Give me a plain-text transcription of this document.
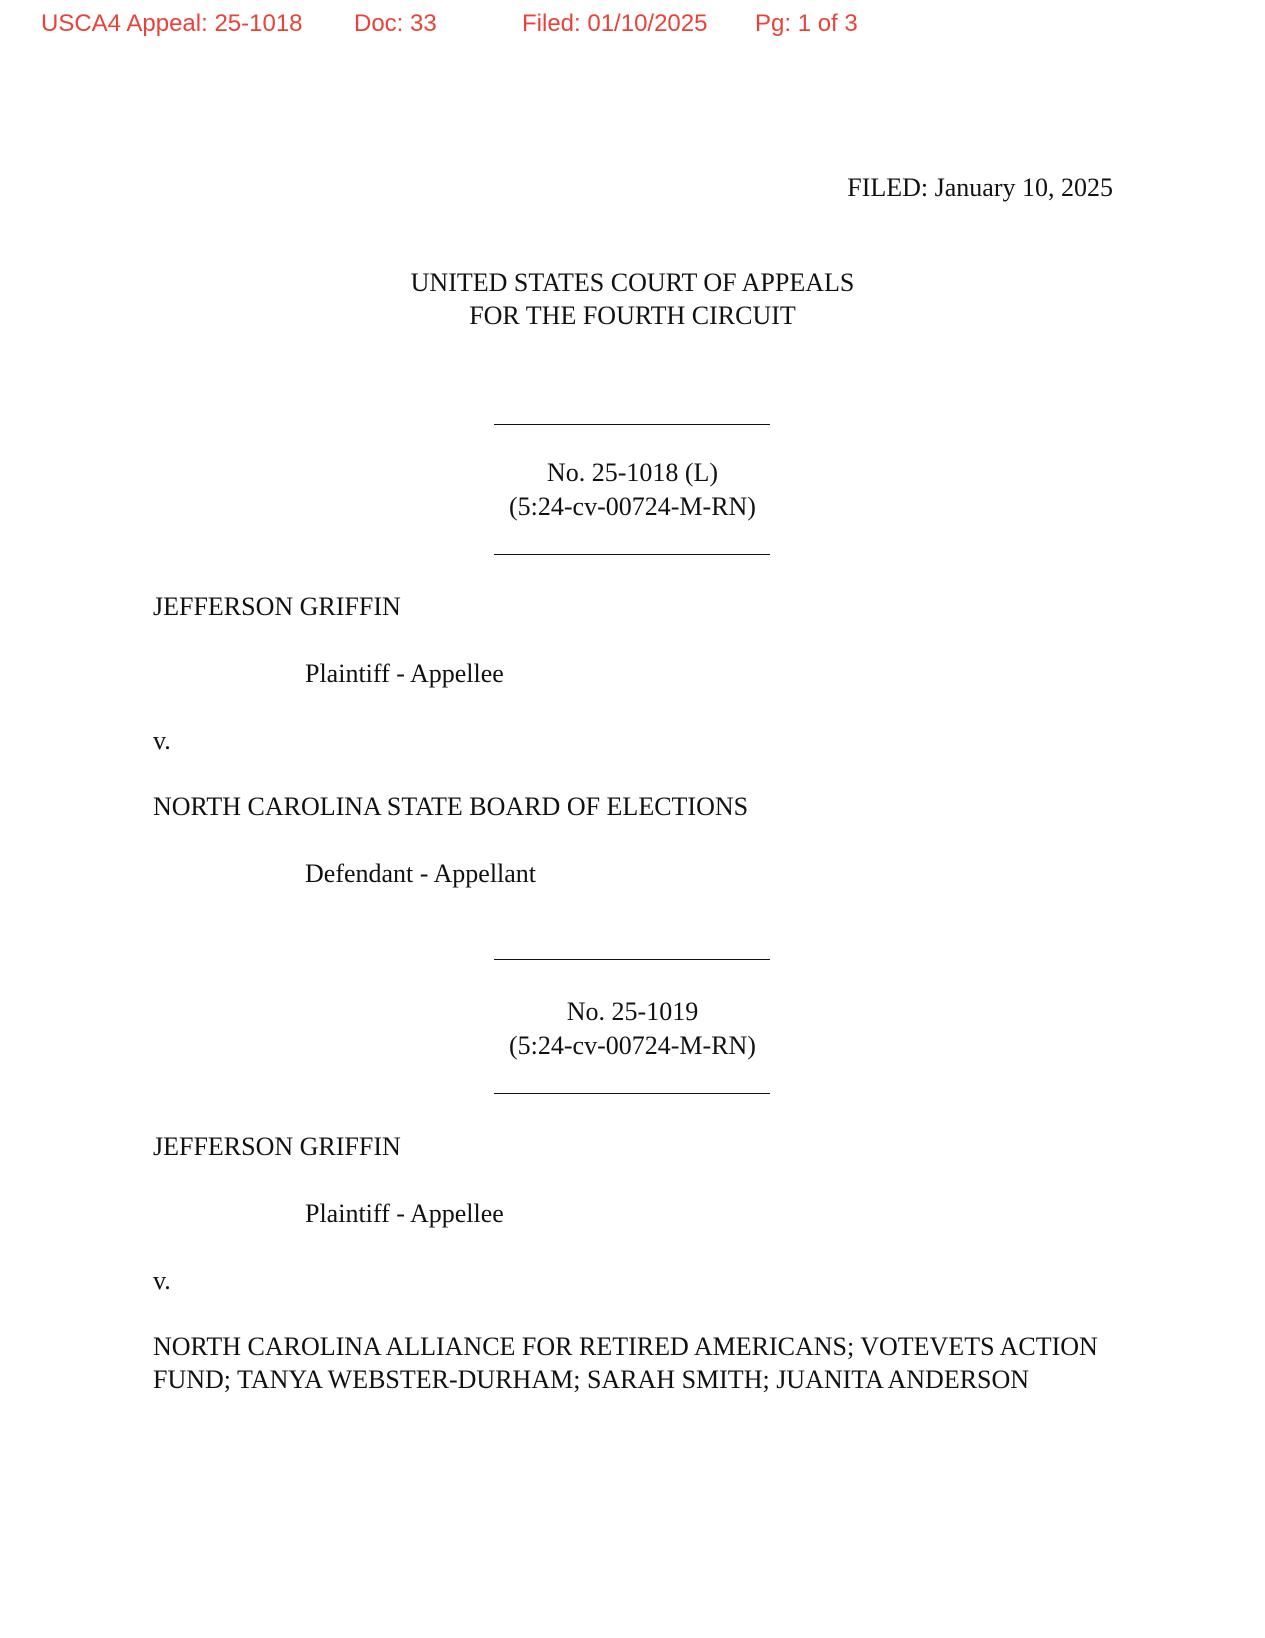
USCA4 Appeal: 25-1018 Doc: 33	Filed: 01/10/2025 Pg: 1 of 3
FILED: January 10, 2025
UNITED STATES COURT OF APPEALS
FOR THE FOURTH CIRCUIT
No. 25-1018 (L)
(5:24-cv-00724-M-RN)
JEFFERSON GRIFFIN
Plaintiff - Appellee
v.
NORTH CAROLINA STATE BOARD OF ELECTIONS
Defendant - Appellant
No. 25-1019
(5:24-cv-00724-M-RN)
JEFFERSON GRIFFIN
Plaintiff - Appellee
v.
NORTH CAROLINA ALLIANCE FOR RETIRED AMERICANS; VOTEVETS ACTION FUND; TANYA WEBSTER-DURHAM; SARAH SMITH; JUANITA ANDERSON
